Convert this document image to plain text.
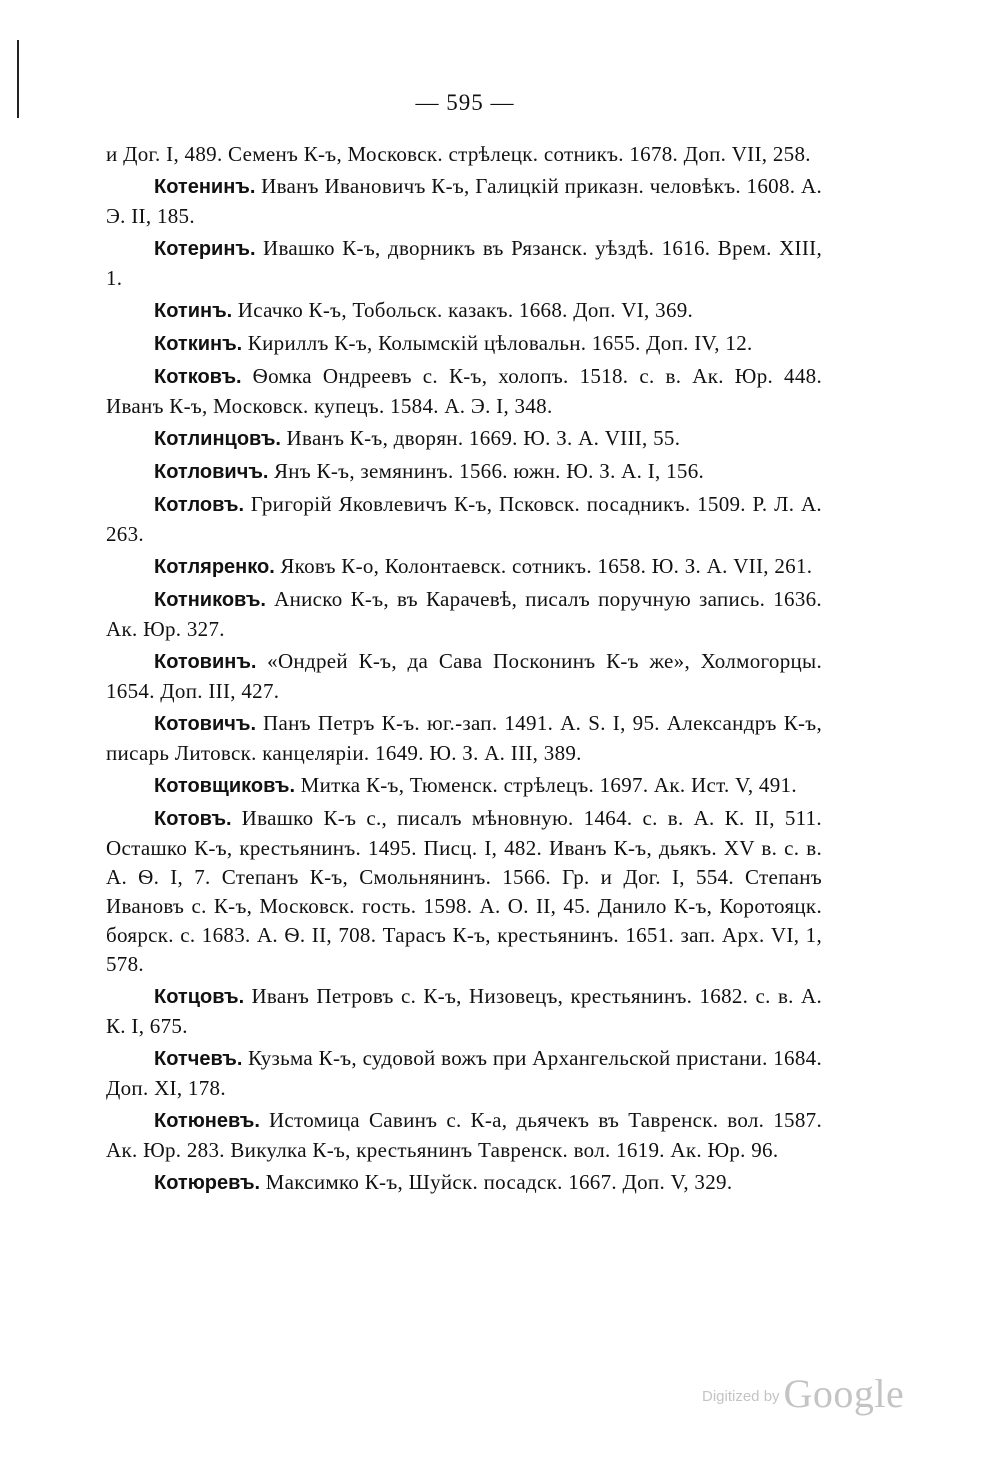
— 595 —

и Дог. I, 489. Семенъ К-ъ, Московск. стрѣлецк. сотникъ. 1678. Доп. VII, 258.

Котенинъ. Иванъ Ивановичъ К-ъ, Галицкій приказн. человѣкъ. 1608. А. Э. II, 185.

Котеринъ. Ивашко К-ъ, дворникъ въ Рязанск. уѣздѣ. 1616. Врем. XIII, 1.

Котинъ. Исачко К-ъ, Тобольск. казакъ. 1668. Доп. VI, 369.

Коткинъ. Кириллъ К-ъ, Колымскій цѣловальн. 1655. Доп. IV, 12.

Котковъ. Ѳомка Ондреевъ с. К-ъ, холопъ. 1518. с. в. Ак. Юр. 448. Иванъ К-ъ, Московск. купецъ. 1584. А. Э. I, 348.

Котлинцовъ. Иванъ К-ъ, дворян. 1669. Ю. З. А. VIII, 55.

Котловичъ. Янъ К-ъ, земянинъ. 1566. южн. Ю. З. А. I, 156.

Котловъ. Григорій Яковлевичъ К-ъ, Псковск. посадникъ. 1509. Р. Л. А. 263.

Котляренко. Яковъ К-о, Колонтаевск. сотникъ. 1658. Ю. З. А. VII, 261.

Котниковъ. Аниско К-ъ, въ Карачевѣ, писалъ поручную запись. 1636. Ак. Юр. 327.

Котовинъ. «Ондрей К-ъ, да Сава Посконинъ К-ъ же», Холмогорцы. 1654. Доп. III, 427.

Котовичъ. Панъ Петръ К-ъ. юг.-зап. 1491. A. S. I, 95. Александръ К-ъ, писарь Литовск. канцеляріи. 1649. Ю. З. А. III, 389.

Котовщиковъ. Митка К-ъ, Тюменск. стрѣлецъ. 1697. Ак. Ист. V, 491.

Котовъ. Ивашко К-ъ с., писалъ мѣновную. 1464. с. в. А. К. II, 511. Осташко К-ъ, крестьянинъ. 1495. Писц. I, 482. Иванъ К-ъ, дьякъ. XV в. с. в. А. Ѳ. I, 7. Степанъ К-ъ, Смольнянинъ. 1566. Гр. и Дог. I, 554. Степанъ Ивановъ с. К-ъ, Московск. гость. 1598. А. О. II, 45. Данило К-ъ, Коротояцк. боярск. с. 1683. А. Ѳ. II, 708. Тарасъ К-ъ, крестьянинъ. 1651. зап. Арх. VI, 1, 578.

Котцовъ. Иванъ Петровъ с. К-ъ, Низовецъ, крестьянинъ. 1682. с. в. А. К. I, 675.

Котчевъ. Кузьма К-ъ, судовой вожъ при Архангельской пристани. 1684. Доп. XI, 178.

Котюневъ. Истомица Савинъ с. К-а, дьячекъ въ Тавренск. вол. 1587. Ак. Юр. 283. Викулка К-ъ, крестьянинъ Тавренск. вол. 1619. Ак. Юр. 96.

Котюревъ. Максимко К-ъ, Шуйск. посадск. 1667. Доп. V, 329.

Digitized by Google
